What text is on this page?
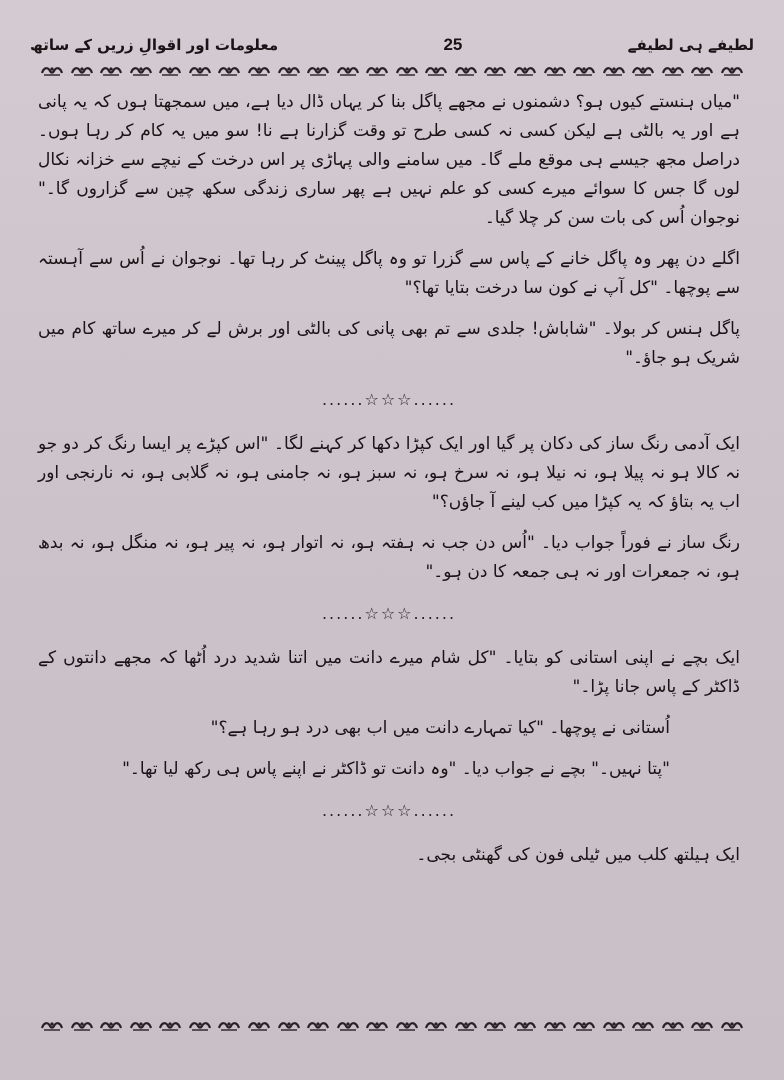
لطیفے ہی لطیفے
25
معلومات اور اقوالِ زریں کے ساتھ

"میاں ہنستے کیوں ہو؟ دشمنوں نے مجھے پاگل بنا کر یہاں ڈال دیا ہے، میں سمجھتا ہوں کہ یہ پانی ہے اور یہ بالٹی ہے لیکن کسی نہ کسی طرح تو وقت گزارنا ہے نا! سو میں یہ کام کر رہا ہوں۔ دراصل مجھ جیسے ہی موقع ملے گا۔ میں سامنے والی پہاڑی پر اس درخت کے نیچے سے خزانہ نکال لوں گا جس کا سوائے میرے کسی کو علم نہیں ہے پھر ساری زندگی سکھ چین سے گزاروں گا۔" نوجوان اُس کی بات سن کر چلا گیا۔

اگلے دن پھر وہ پاگل خانے کے پاس سے گزرا تو وہ پاگل پینٹ کر رہا تھا۔ نوجوان نے اُس سے آہستہ سے پوچھا۔ "کل آپ نے کون سا درخت بتایا تھا؟"

پاگل ہنس کر بولا۔ "شاباش! جلدی سے تم بھی پانی کی بالٹی اور برش لے کر میرے ساتھ کام میں شریک ہو جاؤ۔"

......☆☆☆......

ایک آدمی رنگ ساز کی دکان پر گیا اور ایک کپڑا دکھا کر کہنے لگا۔ "اس کپڑے پر ایسا رنگ کر دو جو نہ کالا ہو نہ پیلا ہو، نہ نیلا ہو، نہ سرخ ہو، نہ سبز ہو، نہ جامنی ہو، نہ گلابی ہو، نہ نارنجی اور اب یہ بتاؤ کہ یہ کپڑا میں کب لینے آ جاؤں؟"

رنگ ساز نے فوراً جواب دیا۔ "اُس دن جب نہ ہفتہ ہو، نہ اتوار ہو، نہ پیر ہو، نہ منگل ہو، نہ بدھ ہو، نہ جمعرات اور نہ ہی جمعہ کا دن ہو۔"

......☆☆☆......

ایک بچے نے اپنی استانی کو بتایا۔ "کل شام میرے دانت میں اتنا شدید درد اُٹھا کہ مجھے دانتوں کے ڈاکٹر کے پاس جانا پڑا۔"

اُستانی نے پوچھا۔ "کیا تمہارے دانت میں اب بھی درد ہو رہا ہے؟"

"پتا نہیں۔" بچے نے جواب دیا۔ "وہ دانت تو ڈاکٹر نے اپنے پاس ہی رکھ لیا تھا۔"

......☆☆☆......

ایک ہیلتھ کلب میں ٹیلی فون کی گھنٹی بجی۔
